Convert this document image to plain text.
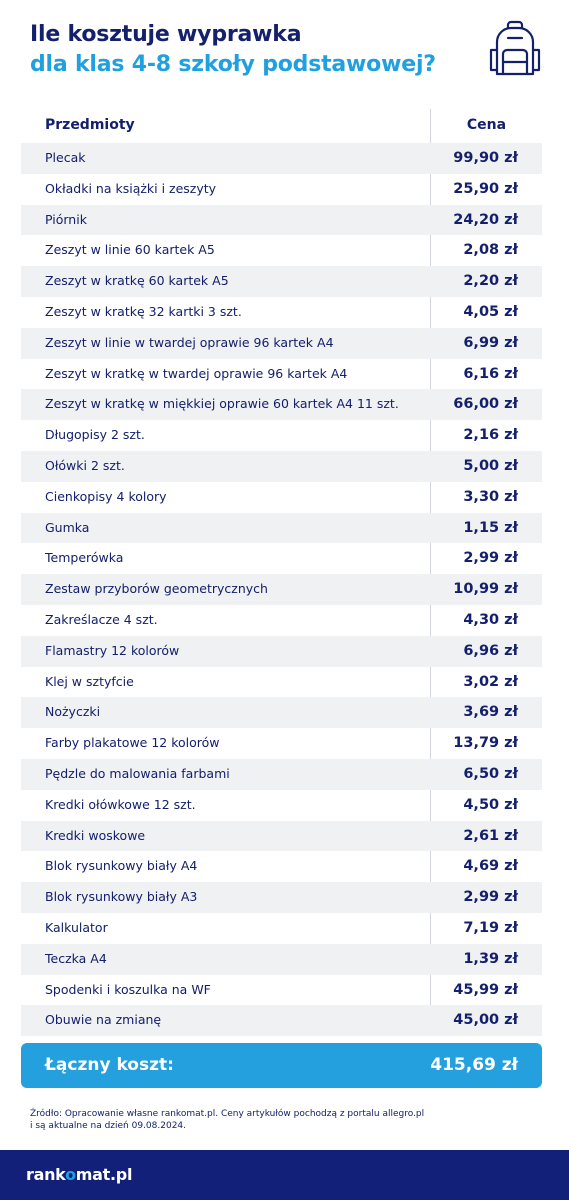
Ile kosztuje wyprawka
dla klas 4-8 szkoły podstawowej?
Przedmioty	Cena
Plecak	99,90 zł
Okładki na książki i zeszyty	25,90 zł
Piórnik	24,20 zł
Zeszyt w linie 60 kartek A5	2,08 zł
Zeszyt w kratkę 60 kartek A5	2,20 zł
Zeszyt w kratkę 32 kartki 3 szt.	4,05 zł
Zeszyt w linie w twardej oprawie 96 kartek A4	6,99 zł
Zeszyt w kratkę w twardej oprawie 96 kartek A4	6,16 zł
Zeszyt w kratkę w miękkiej oprawie 60 kartek A4 11 szt.	66,00 zł
Długopisy 2 szt.	2,16 zł
Ołówki 2 szt.	5,00 zł
Cienkopisy 4 kolory	3,30 zł
Gumka	1,15 zł
Temperówka	2,99 zł
Zestaw przyborów geometrycznych	10,99 zł
Zakreślacze 4 szt.	4,30 zł
Flamastry 12 kolorów	6,96 zł
Klej w sztyfcie	3,02 zł
Nożyczki	3,69 zł
Farby plakatowe 12 kolorów	13,79 zł
Pędzle do malowania farbami	6,50 zł
Kredki ołówkowe 12 szt.	4,50 zł
Kredki woskowe	2,61 zł
Blok rysunkowy biały A4	4,69 zł
Blok rysunkowy biały A3	2,99 zł
Kalkulator	7,19 zł
Teczka A4	1,39 zł
Spodenki i koszulka na WF	45,99 zł
Obuwie na zmianę	45,00 zł
Łączny koszt:	415,69 zł
Źródło: Opracowanie własne rankomat.pl. Ceny artykułów pochodzą z portalu allegro.pl
i są aktualne na dzień 09.08.2024.
rankomat.pl
